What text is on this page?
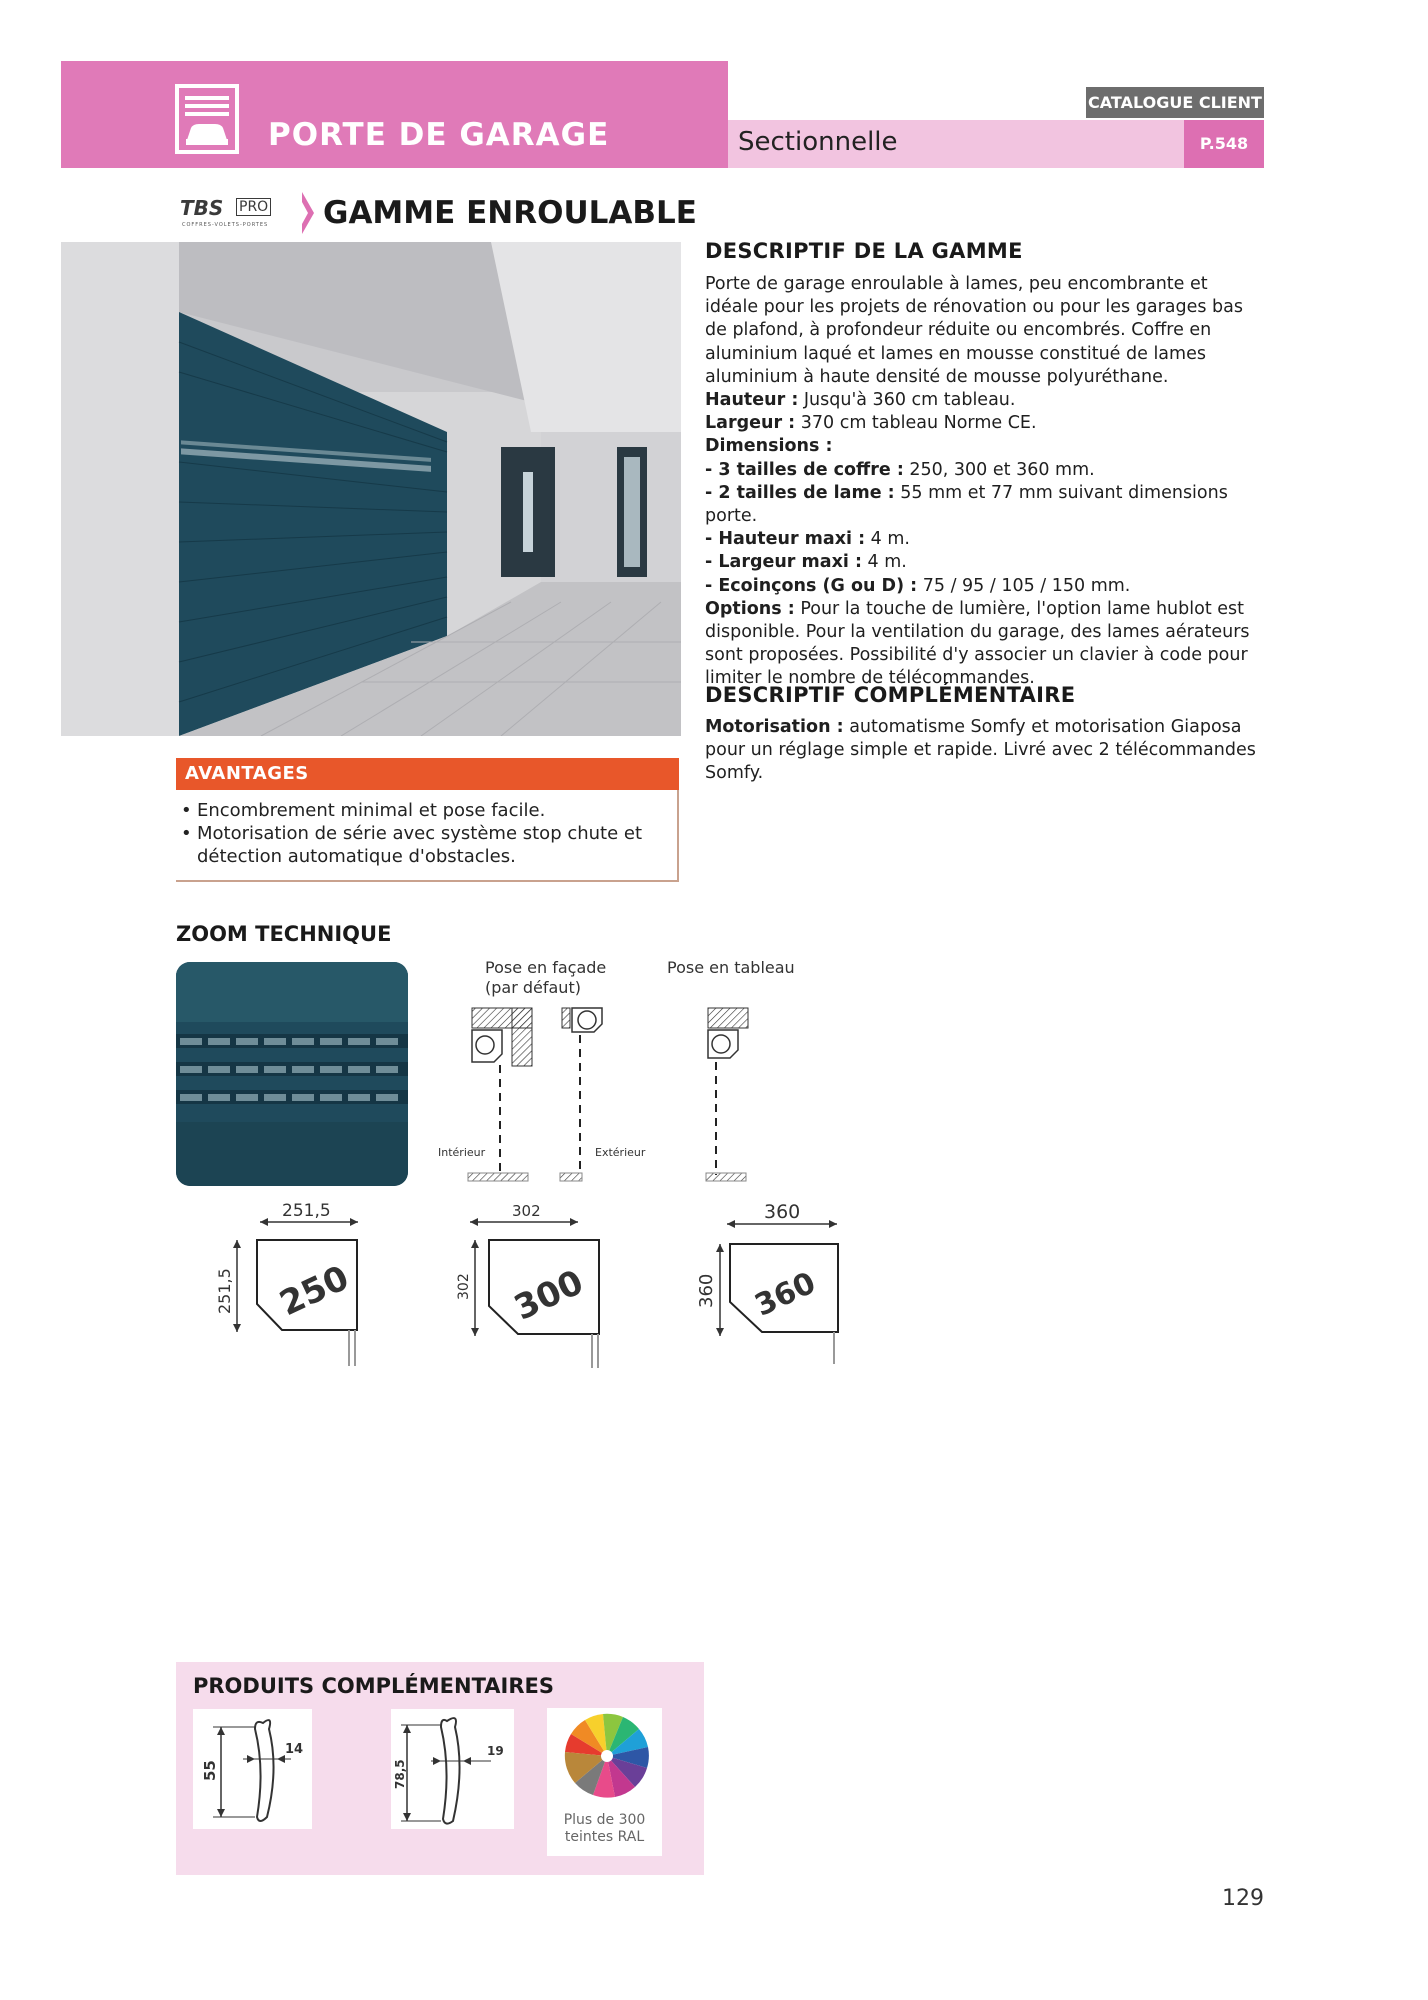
PORTE DE GARAGE	Sectionnelle
CATALOGUE CLIENT
P.548
TBS PRO
COFFRES-VOLETS-PORTES GAMME ENROULABLE
AVANTAGES
• Encombrement minimal et pose facile.
• Motorisation de série avec système stop chute et détection automatique d'obstacles.
DESCRIPTIF DE LA GAMME
Porte de garage enroulable à lames, peu encombrante et idéale pour les projets de rénovation ou pour les garages bas de plafond, à profondeur réduite ou encombrés. Coffre en aluminium laqué et lames en mousse constitué de lames aluminium à haute densité de mousse polyuréthane.
Hauteur : Jusqu'à 360 cm tableau.
Largeur : 370 cm tableau Norme CE.
Dimensions :
- 3 tailles de coffre : 250, 300 et 360 mm.
- 2 tailles de lame : 55 mm et 77 mm suivant dimensions porte.
- Hauteur maxi : 4 m.
- Largeur maxi : 4 m.
- Ecoinçons (G ou D) : 75 / 95 / 105 / 150 mm.
Options : Pour la touche de lumière, l'option lame hublot est disponible. Pour la ventilation du garage, des lames aérateurs sont proposées. Possibilité d'y associer un clavier à code pour limiter le nombre de télécommandes.
DESCRIPTIF COMPLÉMENTAIRE
Motorisation : automatisme Somfy et motorisation Giaposa pour un réglage simple et rapide. Livré avec 2 télécommandes Somfy.
ZOOM TECHNIQUE
Pose en façade
(par défaut)
Pose en tableau
Intérieur	Extérieur
251,5
251,5 250
302
302 300
360
360 360
PRODUITS COMPLÉMENTAIRES
55
14
78,5
19
Plus de 300
teintes RAL
129
